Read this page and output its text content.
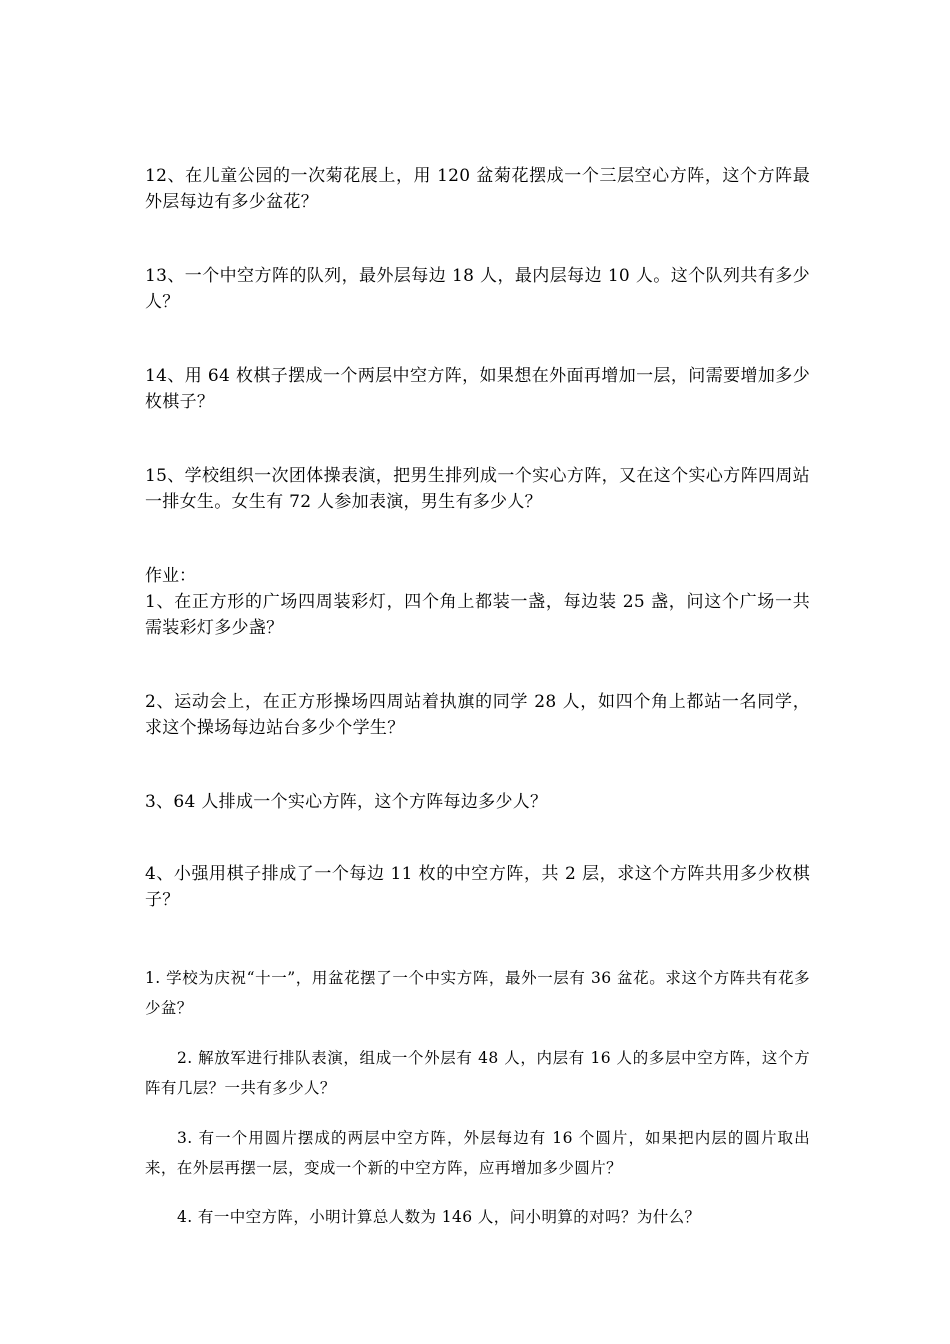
12、在儿童公园的一次菊花展上，用 120 盆菊花摆成一个三层空心方阵，这个方阵最外层每边有多少盆花？

13、一个中空方阵的队列，最外层每边 18 人，最内层每边 10 人。这个队列共有多少人？

14、用 64 枚棋子摆成一个两层中空方阵，如果想在外面再增加一层，问需要增加多少枚棋子？

15、学校组织一次团体操表演，把男生排列成一个实心方阵，又在这个实心方阵四周站一排女生。女生有 72 人参加表演，男生有多少人？

作业：

1、在正方形的广场四周装彩灯，四个角上都装一盏，每边装 25 盏，问这个广场一共需装彩灯多少盏？

2、运动会上，在正方形操场四周站着执旗的同学 28 人，如四个角上都站一名同学，求这个操场每边站台多少个学生？

3、64 人排成一个实心方阵，这个方阵每边多少人？

4、小强用棋子排成了一个每边 11 枚的中空方阵，共 2 层，求这个方阵共用多少枚棋子？

1. 学校为庆祝“十一”，用盆花摆了一个中实方阵，最外一层有 36 盆花。求这个方阵共有花多少盆？

2. 解放军进行排队表演，组成一个外层有 48 人，内层有 16 人的多层中空方阵，这个方阵有几层？一共有多少人？

3. 有一个用圆片摆成的两层中空方阵，外层每边有 16 个圆片，如果把内层的圆片取出来，在外层再摆一层，变成一个新的中空方阵，应再增加多少圆片？

4. 有一中空方阵，小明计算总人数为 146 人，问小明算的对吗？为什么？
